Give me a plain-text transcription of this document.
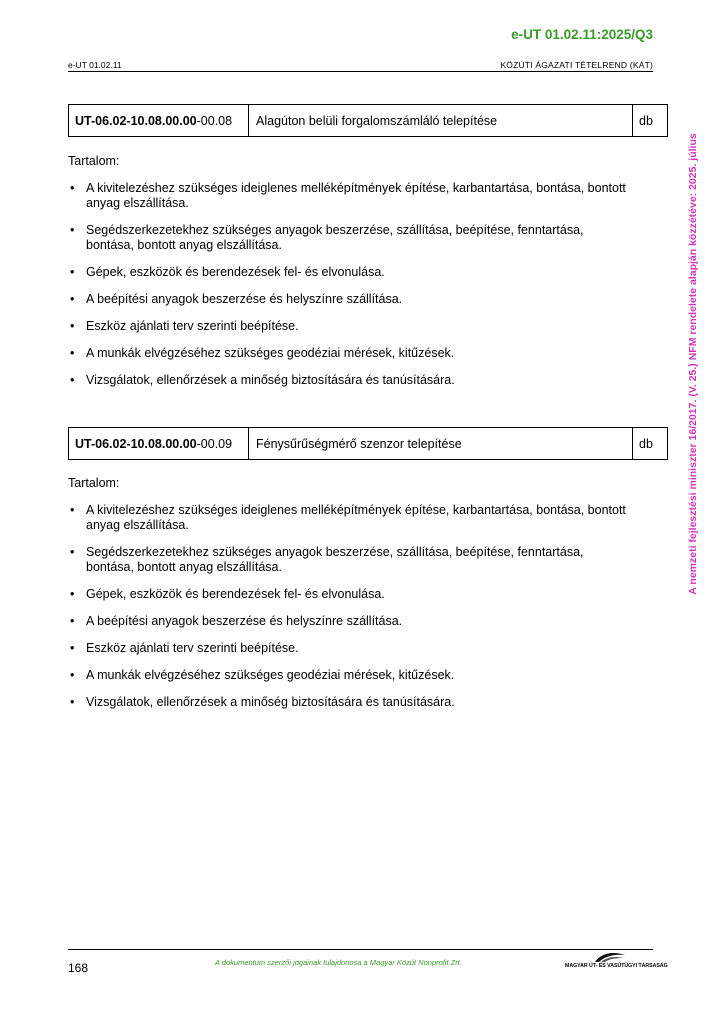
e-UT 01.02.11:2025/Q3
e-UT 01.02.11	KÖZÚTI ÁGAZATI TÉTELREND (KÁT)
UT-06.02-10.08.00.00 -00.08	Alagúton belüli forgalomszámláló telepítése	db
Tartalom:
• A kivitelezéshez szükséges ideiglenes melléképítmények építése, karbantartása, bontása, bontott anyag elszállítása.
• Segédszerkezetekhez szükséges anyagok beszerzése, szállítása, beépítése, fenntartása, bontása, bontott anyag elszállítása.
• Gépek, eszközök és berendezések fel- és elvonulása.
• A beépítési anyagok beszerzése és helyszínre szállítása.
• Eszköz ajánlati terv szerinti beépítése.
• A munkák elvégzéséhez szükséges geodéziai mérések, kitűzések.
• Vizsgálatok, ellenőrzések a minőség biztosítására és tanúsítására.
UT-06.02-10.08.00.00 -00.09	Fénysűrűségmérő szenzor telepítése	db
Tartalom:
• A kivitelezéshez szükséges ideiglenes melléképítmények építése, karbantartása, bontása, bontott anyag elszállítása.
• Segédszerkezetekhez szükséges anyagok beszerzése, szállítása, beépítése, fenntartása, bontása, bontott anyag elszállítása.
• Gépek, eszközök és berendezések fel- és elvonulása.
• A beépítési anyagok beszerzése és helyszínre szállítása.
• Eszköz ajánlati terv szerinti beépítése.
• A munkák elvégzéséhez szükséges geodéziai mérések, kitűzések.
• Vizsgálatok, ellenőrzések a minőség biztosítására és tanúsítására.
A nemzeti fejlesztési miniszter 16/2017. (V. 25.) NFM rendelete alapján közzétéve: 2025. július
168	A dokumentum szerzői jogainak tulajdonosa a Magyar Közút Nonprofit Zrt.	MAGYAR ÚT- ÉS VASÚTÜGYI TÁRSASÁG
